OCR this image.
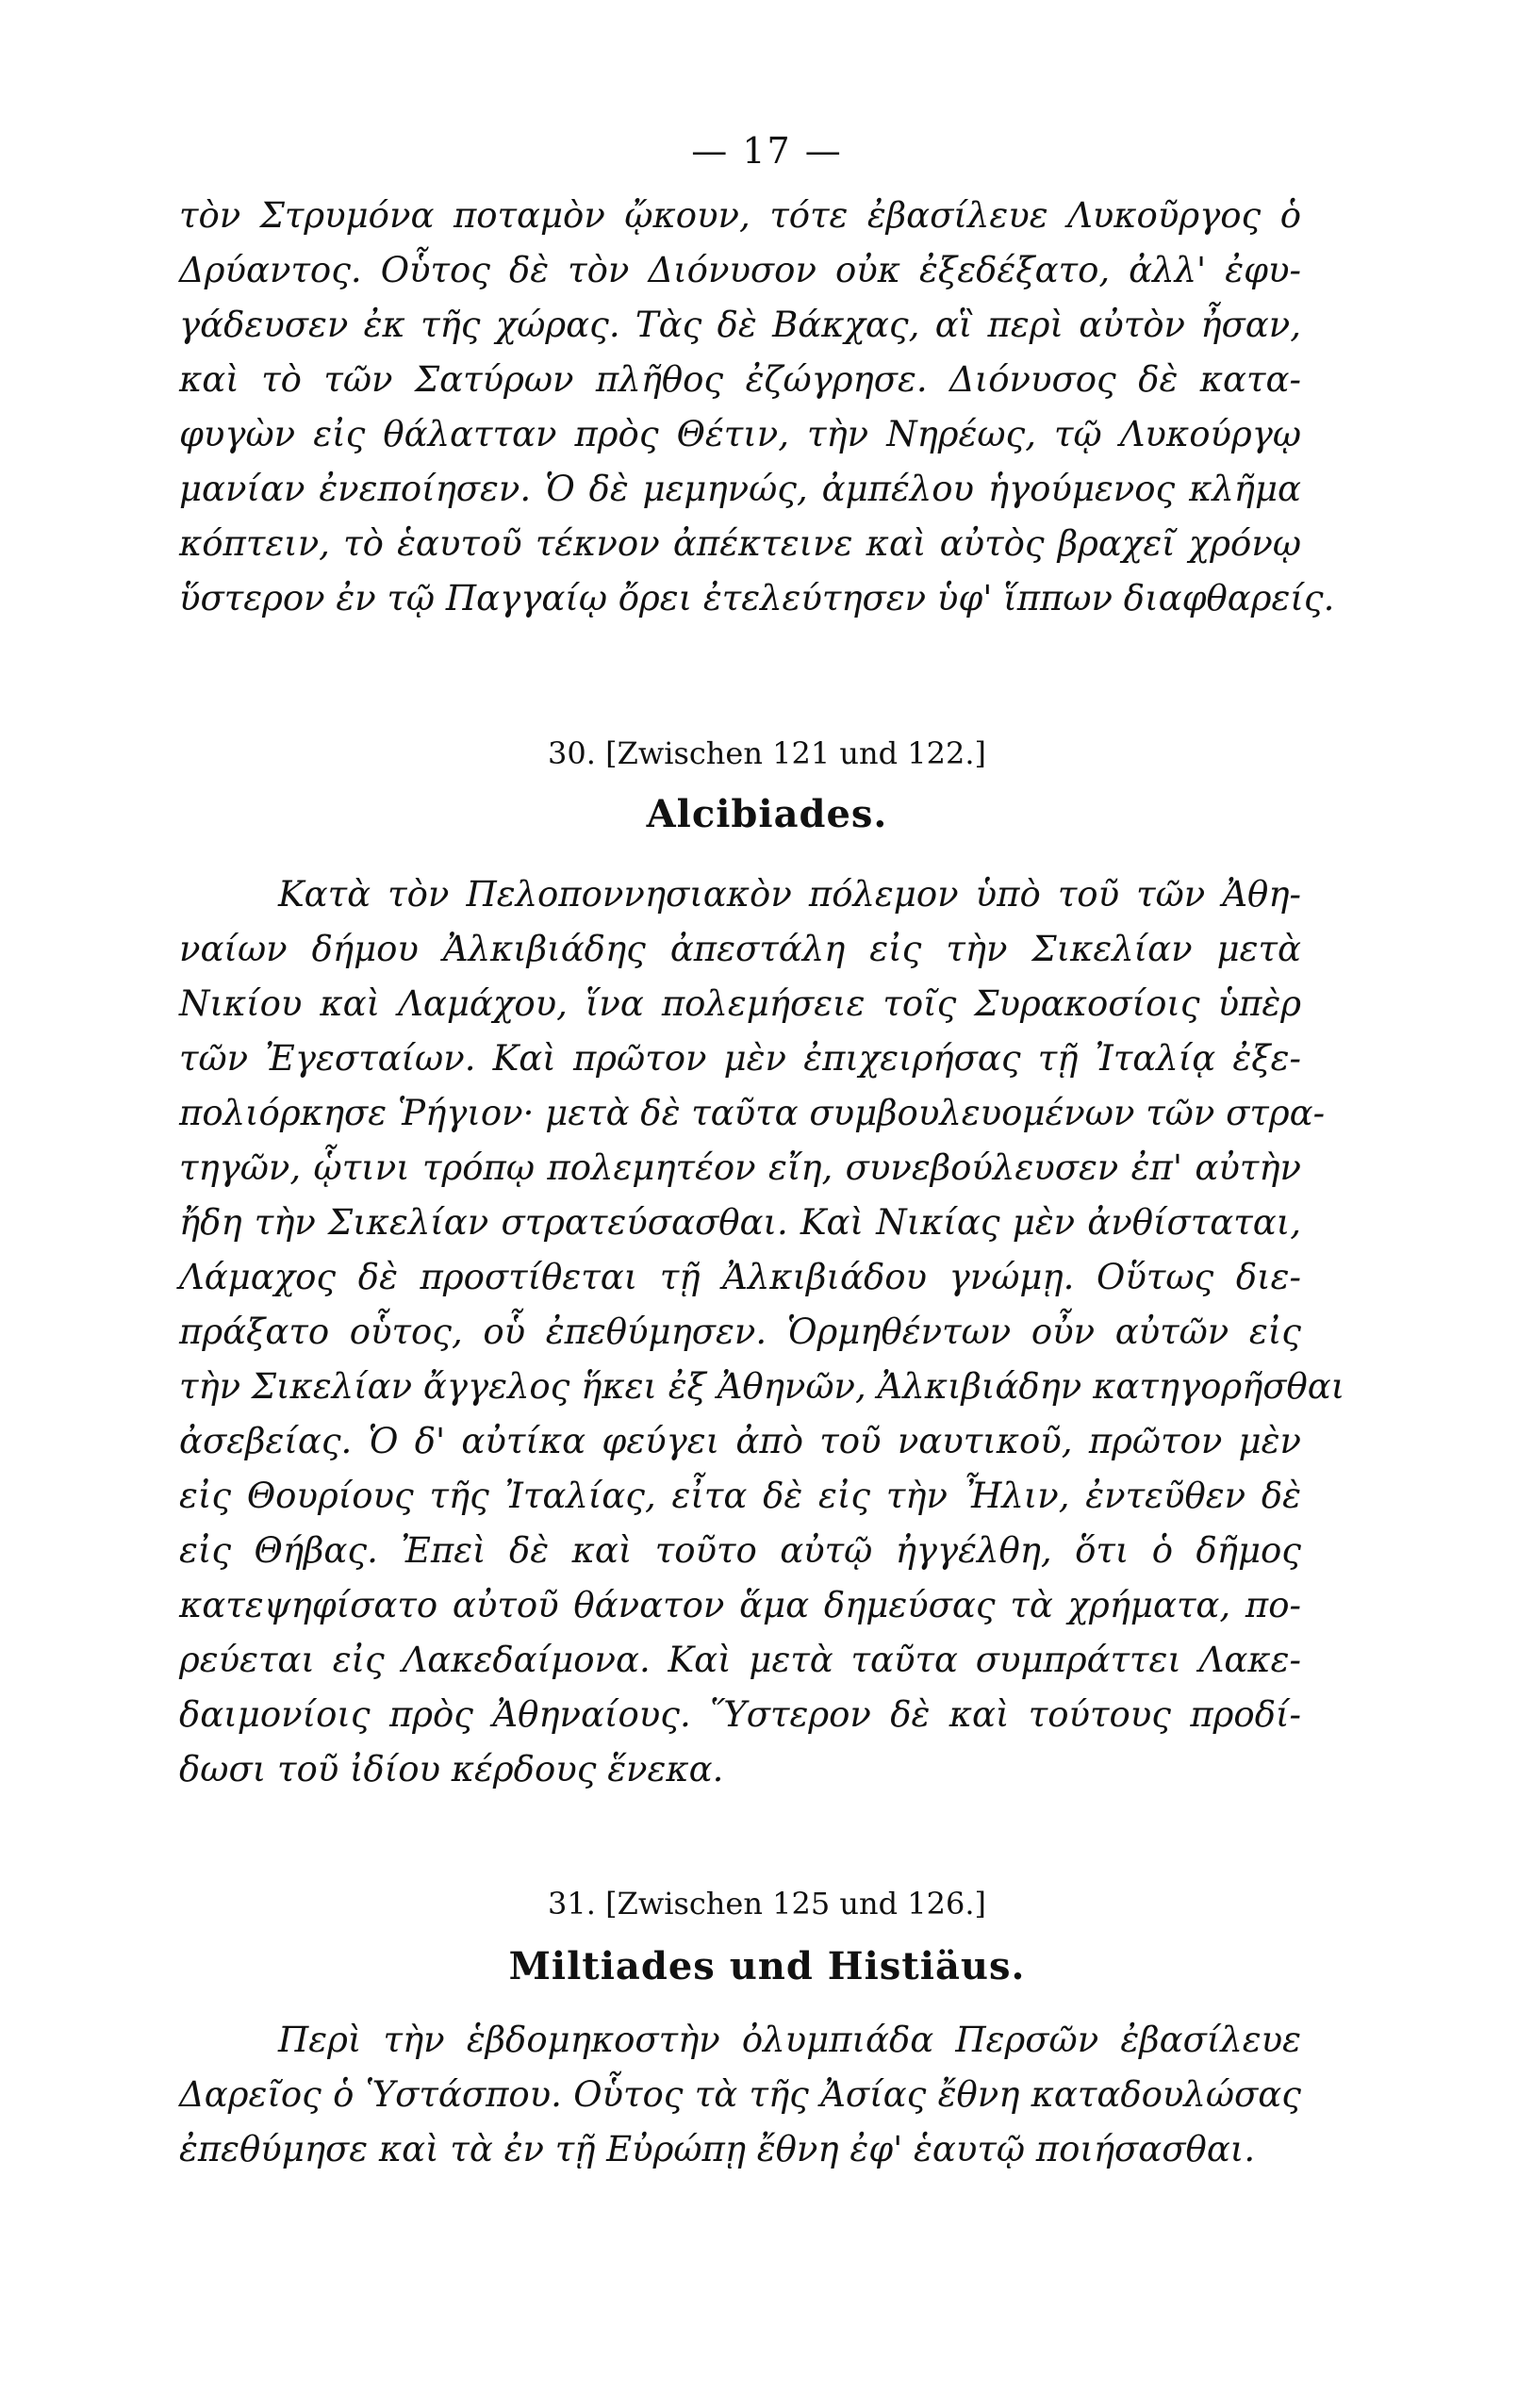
— 17 —
τὸν Στρυμόνα ποταμὸν ᾤκουν, τότε ἐβασίλευε Λυκοῦργος ὁ
Δρύαντος. Οὗτος δὲ τὸν Διόνυσον οὐκ ἐξεδέξατο, ἀλλ' ἐφυ-
γάδευσεν ἐκ τῆς χώρας. Τὰς δὲ Βάκχας, αἳ περὶ αὐτὸν ἦσαν,
καὶ τὸ τῶν Σατύρων πλῆθος ἐζώγρησε. Διόνυσος δὲ κατα-
φυγὼν εἰς θάλατταν πρὸς Θέτιν, τὴν Νηρέως, τῷ Λυκούργῳ
μανίαν ἐνεποίησεν. Ὁ δὲ μεμηνώς, ἀμπέλου ἡγούμενος κλῆμα
κόπτειν, τὸ ἑαυτοῦ τέκνον ἀπέκτεινε καὶ αὐτὸς βραχεῖ χρόνῳ
ὕστερον ἐν τῷ Παγγαίῳ ὄρει ἐτελεύτησεν ὑφ' ἵππων διαφθαρείς.
30. [Zwischen 121 und 122.]
Alcibiades.
Κατὰ τὸν Πελοποννησιακὸν πόλεμον ὑπὸ τοῦ τῶν Ἀθη-
ναίων δήμου Ἀλκιβιάδης ἀπεστάλη εἰς τὴν Σικελίαν μετὰ
Νικίου καὶ Λαμάχου, ἵνα πολεμήσειε τοῖς Συρακοσίοις ὑπὲρ
τῶν Ἐγεσταίων. Καὶ πρῶτον μὲν ἐπιχειρήσας τῇ Ἰταλίᾳ ἐξε-
πολιόρκησε Ῥήγιον· μετὰ δὲ ταῦτα συμβουλευομένων τῶν στρα-
τηγῶν, ᾧτινι τρόπῳ πολεμητέον εἴη, συνεβούλευσεν ἐπ' αὐτὴν
ἤδη τὴν Σικελίαν στρατεύσασθαι. Καὶ Νικίας μὲν ἀνθίσταται,
Λάμαχος δὲ προστίθεται τῇ Ἀλκιβιάδου γνώμῃ. Οὕτως διε-
πράξατο οὗτος, οὗ ἐπεθύμησεν. Ὁρμηθέντων οὖν αὐτῶν εἰς
τὴν Σικελίαν ἄγγελος ἥκει ἐξ Ἀθηνῶν, Ἀλκιβιάδην κατηγορῆσθαι
ἀσεβείας. Ὁ δ' αὐτίκα φεύγει ἀπὸ τοῦ ναυτικοῦ, πρῶτον μὲν
εἰς Θουρίους τῆς Ἰταλίας, εἶτα δὲ εἰς τὴν Ἦλιν, ἐντεῦθεν δὲ
εἰς Θήβας. Ἐπεὶ δὲ καὶ τοῦτο αὐτῷ ἠγγέλθη, ὅτι ὁ δῆμος
κατεψηφίσατο αὐτοῦ θάνατον ἅμα δημεύσας τὰ χρήματα, πο-
ρεύεται εἰς Λακεδαίμονα. Καὶ μετὰ ταῦτα συμπράττει Λακε-
δαιμονίοις πρὸς Ἀθηναίους. Ὕστερον δὲ καὶ τούτους προδί-
δωσι τοῦ ἰδίου κέρδους ἕνεκα.
31. [Zwischen 125 und 126.]
Miltiades und Histiäus.
Περὶ τὴν ἑβδομηκοστὴν ὀλυμπιάδα Περσῶν ἐβασίλευε
Δαρεῖος ὁ Ὑστάσπου. Οὗτος τὰ τῆς Ἀσίας ἔθνη καταδουλώσας
ἐπεθύμησε καὶ τὰ ἐν τῇ Εὐρώπῃ ἔθνη ἐφ' ἑαυτῷ ποιήσασθαι.
